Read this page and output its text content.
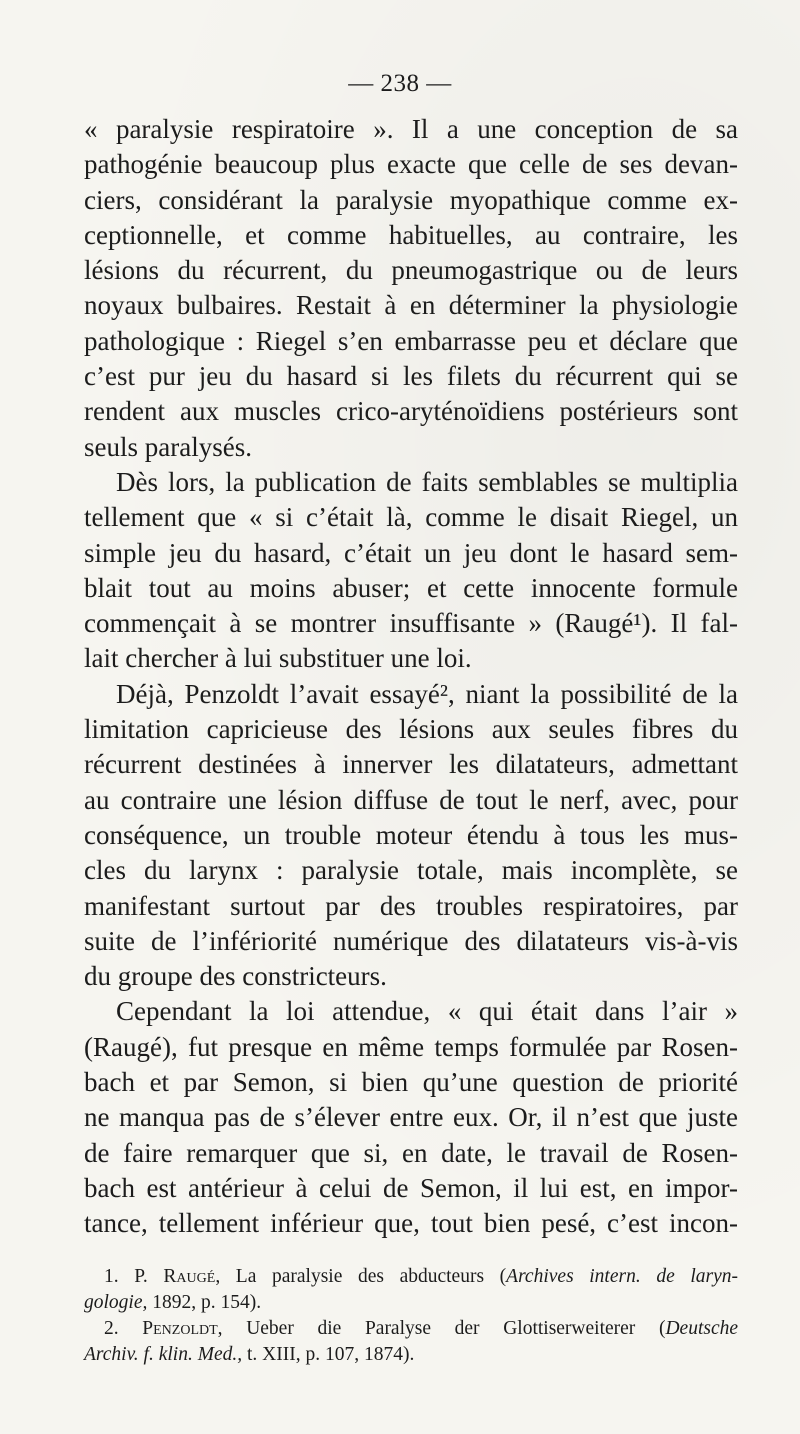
— 238 —
« paralysie respiratoire ». Il a une conception de sa
pathogénie beaucoup plus exacte que celle de ses devan-
ciers, considérant la paralysie myopathique comme ex-
ceptionnelle, et comme habituelles, au contraire, les
lésions du récurrent, du pneumogastrique ou de leurs
noyaux bulbaires. Restait à en déterminer la physiologie
pathologique : Riegel s’en embarrasse peu et déclare que
c’est pur jeu du hasard si les filets du récurrent qui se
rendent aux muscles crico-aryténoïdiens postérieurs sont
seuls paralysés.
Dès lors, la publication de faits semblables se multiplia
tellement que « si c’était là, comme le disait Riegel, un
simple jeu du hasard, c’était un jeu dont le hasard sem-
blait tout au moins abuser; et cette innocente formule
commençait à se montrer insuffisante » (Raugé¹). Il fal-
lait chercher à lui substituer une loi.
Déjà, Penzoldt l’avait essayé², niant la possibilité de la
limitation capricieuse des lésions aux seules fibres du
récurrent destinées à innerver les dilatateurs, admettant
au contraire une lésion diffuse de tout le nerf, avec, pour
conséquence, un trouble moteur étendu à tous les mus-
cles du larynx : paralysie totale, mais incomplète, se
manifestant surtout par des troubles respiratoires, par
suite de l’infériorité numérique des dilatateurs vis-à-vis
du groupe des constricteurs.
Cependant la loi attendue, « qui était dans l’air »
(Raugé), fut presque en même temps formulée par Rosen-
bach et par Semon, si bien qu’une question de priorité
ne manqua pas de s’élever entre eux. Or, il n’est que juste
de faire remarquer que si, en date, le travail de Rosen-
bach est antérieur à celui de Semon, il lui est, en impor-
tance, tellement inférieur que, tout bien pesé, c’est incon-
1. P. Raugé, La paralysie des abducteurs (Archives intern. de laryn-
gologie, 1892, p. 154).
2. Penzoldt, Ueber die Paralyse der Glottiserweiterer (Deutsche
Archiv. f. klin. Med., t. XIII, p. 107, 1874).
